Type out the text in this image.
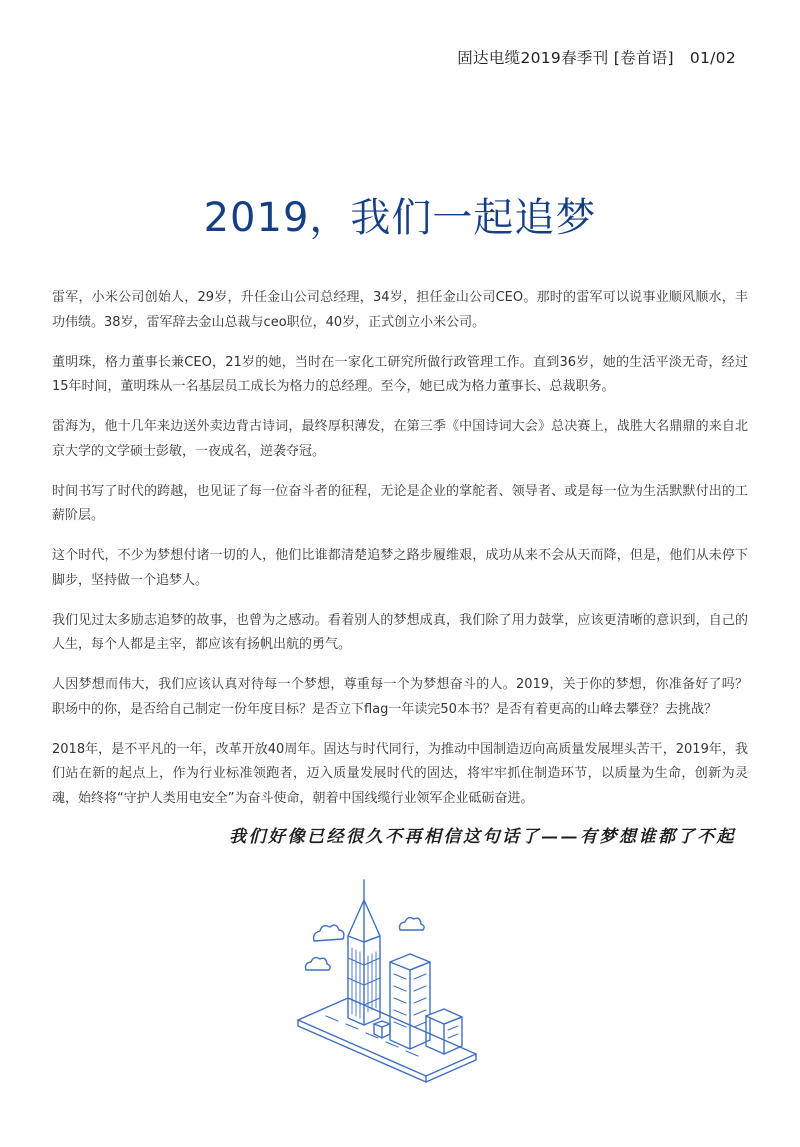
固达电缆2019春季刊 [卷首语] 01/02
2019，我们一起追梦

雷军，小米公司创始人，29岁，升任金山公司总经理，34岁，担任金山公司CEO。那时的雷军可以说事业顺风顺水，丰功伟绩。38岁，雷军辞去金山总裁与ceo职位，40岁，正式创立小米公司。

董明珠，格力董事长兼CEO，21岁的她，当时在一家化工研究所做行政管理工作。直到36岁，她的生活平淡无奇，经过15年时间，董明珠从一名基层员工成长为格力的总经理。至今，她已成为格力董事长、总裁职务。

雷海为，他十几年来边送外卖边背古诗词，最终厚积薄发，在第三季《中国诗词大会》总决赛上，战胜大名鼎鼎的来自北京大学的文学硕士彭敏，一夜成名，逆袭夺冠。

时间书写了时代的跨越，也见证了每一位奋斗者的征程，无论是企业的掌舵者、领导者、或是每一位为生活默默付出的工薪阶层。

这个时代，不少为梦想付诸一切的人，他们比谁都清楚追梦之路步履维艰，成功从来不会从天而降，但是，他们从未停下脚步，坚持做一个追梦人。

我们见过太多励志追梦的故事，也曾为之感动。看着别人的梦想成真，我们除了用力鼓掌，应该更清晰的意识到，自己的人生，每个人都是主宰，都应该有扬帆出航的勇气。

人因梦想而伟大，我们应该认真对待每一个梦想，尊重每一个为梦想奋斗的人。2019，关于你的梦想，你准备好了吗？职场中的你，是否给自己制定一份年度目标？是否立下flag一年读完50本书？是否有着更高的山峰去攀登？去挑战？

2018年，是不平凡的一年，改革开放40周年。固达与时代同行，为推动中国制造迈向高质量发展埋头苦干，2019年，我们站在新的起点上，作为行业标准领跑者，迈入质量发展时代的固达，将牢牢抓住制造环节，以质量为生命，创新为灵魂，始终将“守护人类用电安全”为奋斗使命，朝着中国线缆行业领军企业砥砺奋进。

我们好像已经很久不再相信这句话了——有梦想谁都了不起
